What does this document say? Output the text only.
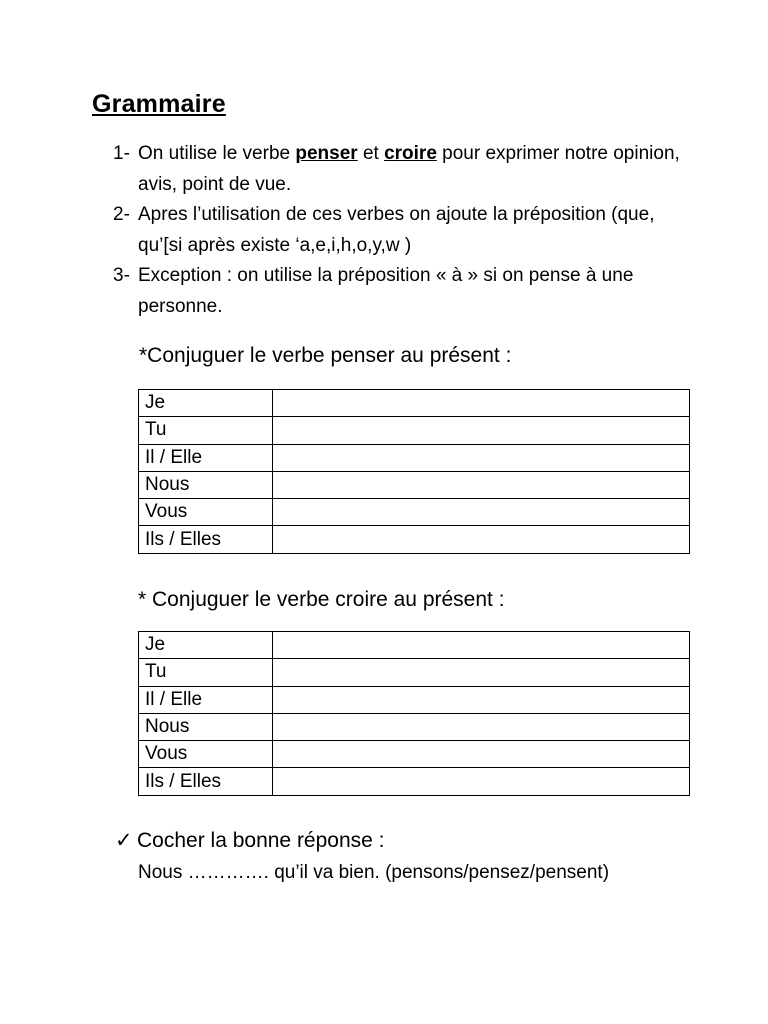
Grammaire
1- On utilise le verbe penser et croire pour exprimer notre opinion, avis, point de vue.
2- Apres l’utilisation de ces verbes on ajoute la préposition (que, qu’[si après existe ‘a,e,i,h,o,y,w )
3- Exception : on utilise la préposition « à » si on pense à une personne.
*Conjuguer le verbe penser au présent :
Je	
Tu	
Il / Elle	
Nous	
Vous	
Ils / Elles	
* Conjuguer le verbe croire au présent :
Je	
Tu	
Il / Elle	
Nous	
Vous	
Ils / Elles	
✓ Cocher la bonne réponse :
Nous …………. qu’il va bien. (pensons/pensez/pensent)
